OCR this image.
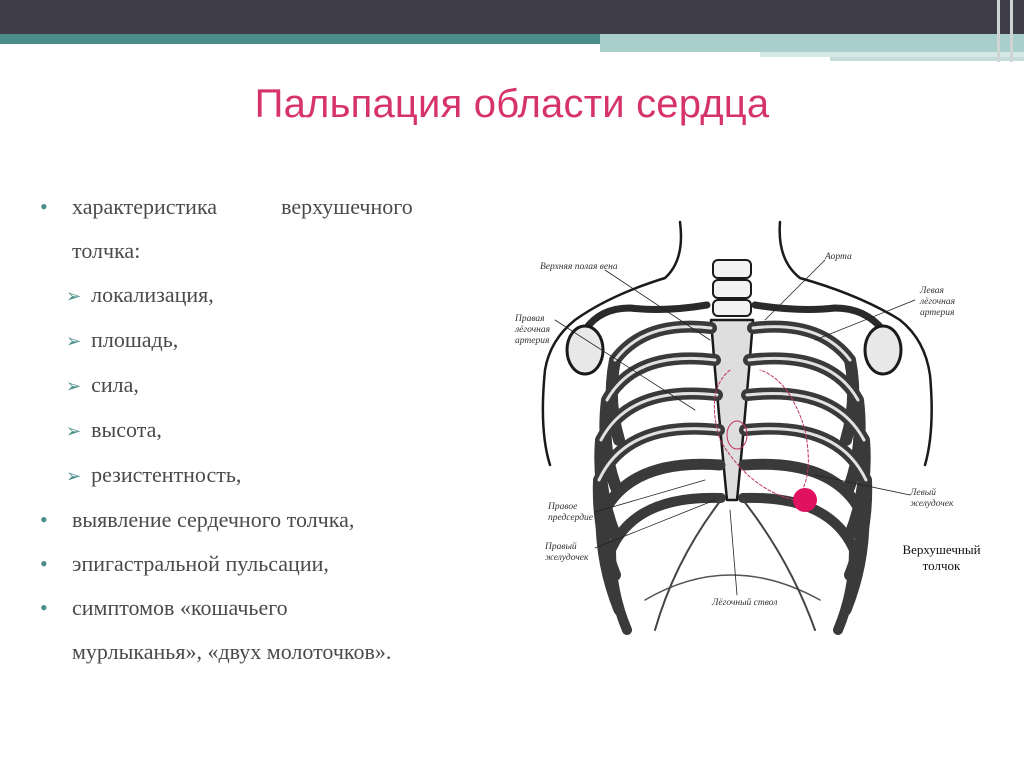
Пальпация области сердца
•	характеристика	верхушечного
толчка:
➢ локализация,
➢ плошадь,
➢ сила,
➢ высота,
➢ резистентность,
•	выявление сердечного толчка,
•	эпигастральной пульсации,
•	симптомов «кошачьего
мурлыканья», «двух молоточков».
Верхняя полая вена
Аорта
Левая
лёгочная
артерия
Правая
лёгочная
артерия
Правое
предсердие
Правый
желудочек
Левый
желудочек
Лёгочный ствол
Верхушечный толчок
